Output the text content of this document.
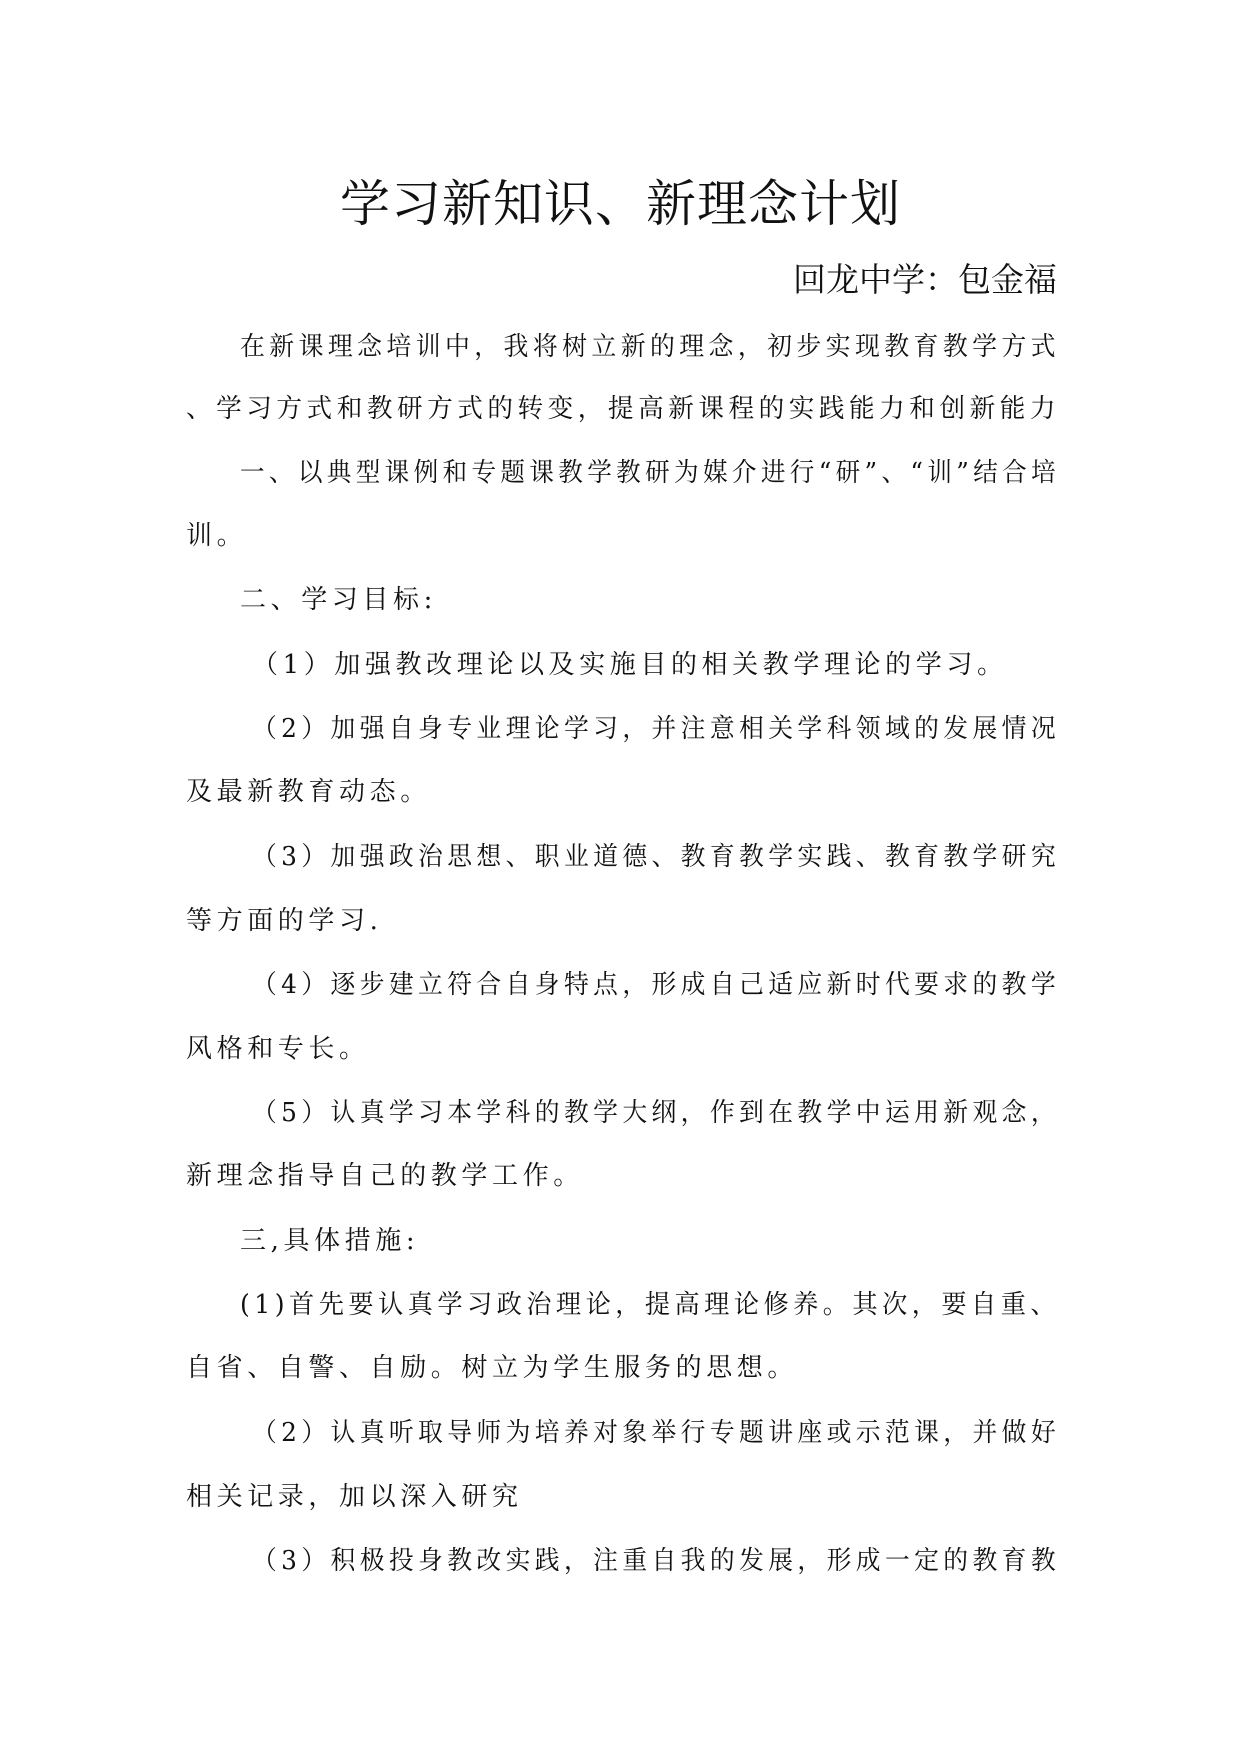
学习新知识、新理念计划
回龙中学：包金福
在新课理念培训中，我将树立新的理念，初步实现教育教学方式
、学习方式和教研方式的转变，提高新课程的实践能力和创新能力
一、以典型课例和专题课教学教研为媒介进行“研”、“训”结合培
训。
二、学习目标:
（1）加强教改理论以及实施目的相关教学理论的学习。
（2）加强自身专业理论学习，并注意相关学科领域的发展情况
及最新教育动态。
（3）加强政治思想、职业道德、教育教学实践、教育教学研究
等方面的学习.
（4）逐步建立符合自身特点，形成自己适应新时代要求的教学
风格和专长。
（5）认真学习本学科的教学大纲，作到在教学中运用新观念，
新理念指导自己的教学工作。
三,具体措施:
(1)首先要认真学习政治理论，提高理论修养。其次，要自重、
自省、自警、自励。树立为学生服务的思想。
（2）认真听取导师为培养对象举行专题讲座或示范课，并做好
相关记录，加以深入研究
（3）积极投身教改实践，注重自我的发展，形成一定的教育教
